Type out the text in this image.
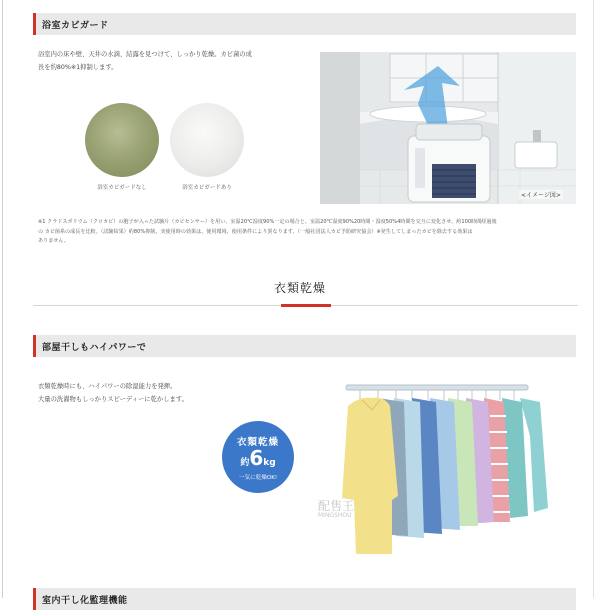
浴室カビガード
浴室内の床や壁、天井の水滴、結露を見つけて、しっかり乾燥。カビ菌の成
長を約80%※1抑制します。
浴室カビガードなし	浴室カビガードあり
<イメージ図>
※1 クラドスポリウム（クロカビ）の胞子が入った試験片（カビセンサー）を用い、室温20℃湿度90%一定の場合と、室温20℃湿度90%20時間・湿度50%4時間を交互に変化させ、約100時間経過後
の カビ菌糸の成長を比較。（試験結果）約80%抑制。実使用時の効果は、使用環境、使用条件により異なります。（一般社団法人カビ予防研究協会）※発生してしまったカビを除去する効果は
ありません。
衣類乾燥
部屋干しもハイパワーで
衣類乾燥時にも、ハイパワーの除湿能力を発揮。
大量の洗濯物もしっかりスピーディーに乾かします。
衣類乾燥
約6kg
一気に乾燥OK!
配售王
MINGSHOU
室内干し化監理機能
